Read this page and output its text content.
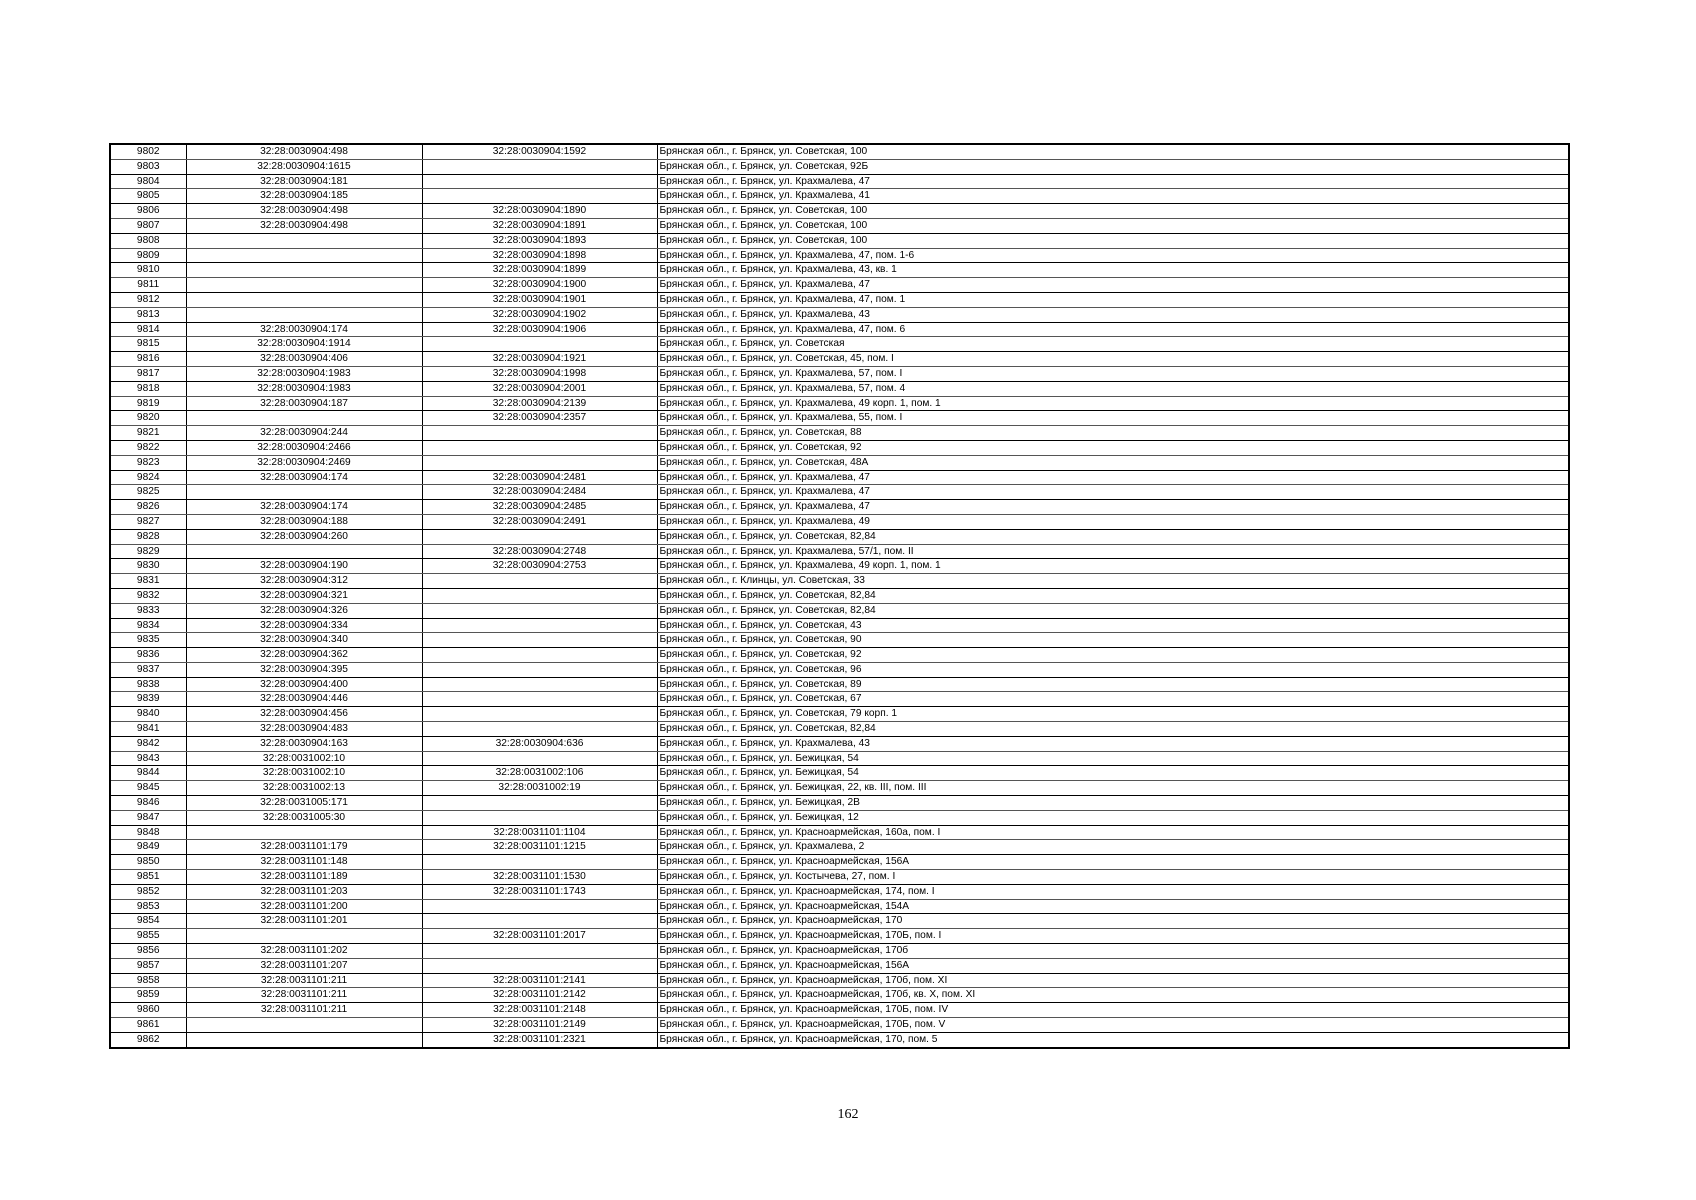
9802	32:28:0030904:498	32:28:0030904:1592	Брянская обл., г. Брянск, ул. Советская, 100
9803	32:28:0030904:1615		Брянская обл., г. Брянск, ул. Советская, 92Б
9804	32:28:0030904:181		Брянская обл., г. Брянск, ул. Крахмалева, 47
9805	32:28:0030904:185		Брянская обл., г. Брянск, ул. Крахмалева, 41
9806	32:28:0030904:498	32:28:0030904:1890	Брянская обл., г. Брянск, ул. Советская, 100
9807	32:28:0030904:498	32:28:0030904:1891	Брянская обл., г. Брянск, ул. Советская, 100
9808		32:28:0030904:1893	Брянская обл., г. Брянск, ул. Советская, 100
9809		32:28:0030904:1898	Брянская обл., г. Брянск, ул. Крахмалева, 47, пом. 1-6
9810		32:28:0030904:1899	Брянская обл., г. Брянск, ул. Крахмалева, 43, кв. 1
9811		32:28:0030904:1900	Брянская обл., г. Брянск, ул. Крахмалева, 47
9812		32:28:0030904:1901	Брянская обл., г. Брянск, ул. Крахмалева, 47, пом. 1
9813		32:28:0030904:1902	Брянская обл., г. Брянск, ул. Крахмалева, 43
9814	32:28:0030904:174	32:28:0030904:1906	Брянская обл., г. Брянск, ул. Крахмалева, 47, пом. 6
9815	32:28:0030904:1914		Брянская обл., г. Брянск, ул. Советская
9816	32:28:0030904:406	32:28:0030904:1921	Брянская обл., г. Брянск, ул. Советская, 45, пом. I
9817	32:28:0030904:1983	32:28:0030904:1998	Брянская обл., г. Брянск, ул. Крахмалева, 57, пом. I
9818	32:28:0030904:1983	32:28:0030904:2001	Брянская обл., г. Брянск, ул. Крахмалева, 57, пом. 4
9819	32:28:0030904:187	32:28:0030904:2139	Брянская обл., г. Брянск, ул. Крахмалева, 49 корп. 1, пом. 1
9820		32:28:0030904:2357	Брянская обл., г. Брянск, ул. Крахмалева, 55, пом. I
9821	32:28:0030904:244		Брянская обл., г. Брянск, ул. Советская, 88
9822	32:28:0030904:2466		Брянская обл., г. Брянск, ул. Советская, 92
9823	32:28:0030904:2469		Брянская обл., г. Брянск, ул. Советская, 48А
9824	32:28:0030904:174	32:28:0030904:2481	Брянская обл., г. Брянск, ул. Крахмалева, 47
9825		32:28:0030904:2484	Брянская обл., г. Брянск, ул. Крахмалева, 47
9826	32:28:0030904:174	32:28:0030904:2485	Брянская обл., г. Брянск, ул. Крахмалева, 47
9827	32:28:0030904:188	32:28:0030904:2491	Брянская обл., г. Брянск, ул. Крахмалева, 49
9828	32:28:0030904:260		Брянская обл., г. Брянск, ул. Советская, 82,84
9829		32:28:0030904:2748	Брянская обл., г. Брянск, ул. Крахмалева, 57/1, пом. II
9830	32:28:0030904:190	32:28:0030904:2753	Брянская обл., г. Брянск, ул. Крахмалева, 49 корп. 1, пом. 1
9831	32:28:0030904:312		Брянская обл., г. Клинцы, ул. Советская, 33
9832	32:28:0030904:321		Брянская обл., г. Брянск, ул. Советская, 82,84
9833	32:28:0030904:326		Брянская обл., г. Брянск, ул. Советская, 82,84
9834	32:28:0030904:334		Брянская обл., г. Брянск, ул. Советская, 43
9835	32:28:0030904:340		Брянская обл., г. Брянск, ул. Советская, 90
9836	32:28:0030904:362		Брянская обл., г. Брянск, ул. Советская, 92
9837	32:28:0030904:395		Брянская обл., г. Брянск, ул. Советская, 96
9838	32:28:0030904:400		Брянская обл., г. Брянск, ул. Советская, 89
9839	32:28:0030904:446		Брянская обл., г. Брянск, ул. Советская, 67
9840	32:28:0030904:456		Брянская обл., г. Брянск, ул. Советская, 79 корп. 1
9841	32:28:0030904:483		Брянская обл., г. Брянск, ул. Советская, 82,84
9842	32:28:0030904:163	32:28:0030904:636	Брянская обл., г. Брянск, ул. Крахмалева, 43
9843	32:28:0031002:10		Брянская обл., г. Брянск, ул. Бежицкая, 54
9844	32:28:0031002:10	32:28:0031002:106	Брянская обл., г. Брянск, ул. Бежицкая, 54
9845	32:28:0031002:13	32:28:0031002:19	Брянская обл., г. Брянск, ул. Бежицкая, 22, кв. III, пом. III
9846	32:28:0031005:171		Брянская обл., г. Брянск, ул. Бежицкая, 2В
9847	32:28:0031005:30		Брянская обл., г. Брянск, ул. Бежицкая, 12
9848		32:28:0031101:1104	Брянская обл., г. Брянск, ул. Красноармейская, 160а, пом. I
9849	32:28:0031101:179	32:28:0031101:1215	Брянская обл., г. Брянск, ул. Крахмалева, 2
9850	32:28:0031101:148		Брянская обл., г. Брянск, ул. Красноармейская, 156А
9851	32:28:0031101:189	32:28:0031101:1530	Брянская обл., г. Брянск, ул. Костычева, 27, пом. I
9852	32:28:0031101:203	32:28:0031101:1743	Брянская обл., г. Брянск, ул. Красноармейская, 174, пом. I
9853	32:28:0031101:200		Брянская обл., г. Брянск, ул. Красноармейская, 154А
9854	32:28:0031101:201		Брянская обл., г. Брянск, ул. Красноармейская, 170
9855		32:28:0031101:2017	Брянская обл., г. Брянск, ул. Красноармейская, 170Б, пом. I
9856	32:28:0031101:202		Брянская обл., г. Брянск, ул. Красноармейская, 170б
9857	32:28:0031101:207		Брянская обл., г. Брянск, ул. Красноармейская, 156А
9858	32:28:0031101:211	32:28:0031101:2141	Брянская обл., г. Брянск, ул. Красноармейская, 170б, пом. XI
9859	32:28:0031101:211	32:28:0031101:2142	Брянская обл., г. Брянск, ул. Красноармейская, 170б, кв. X, пом. XI
9860	32:28:0031101:211	32:28:0031101:2148	Брянская обл., г. Брянск, ул. Красноармейская, 170Б, пом. IV
9861		32:28:0031101:2149	Брянская обл., г. Брянск, ул. Красноармейская, 170Б, пом. V
9862		32:28:0031101:2321	Брянская обл., г. Брянск, ул. Красноармейская, 170, пом. 5
162
